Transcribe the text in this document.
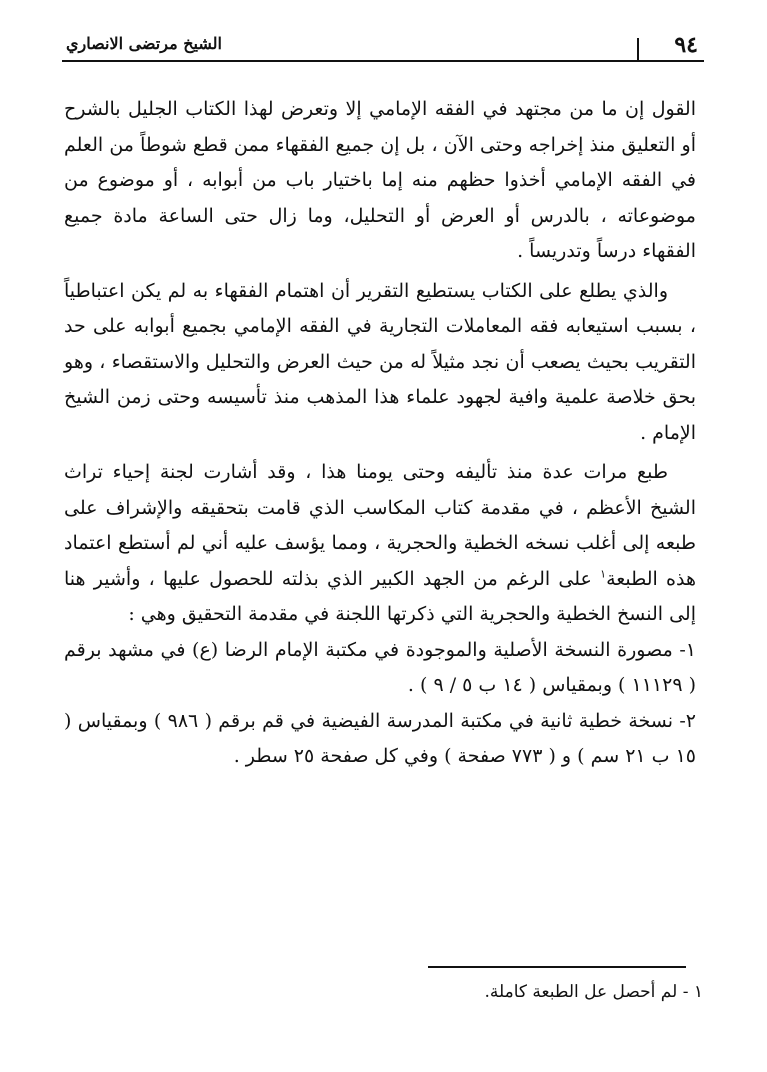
الشيخ مرتضى الانصاري	٩٤

القول إن ما من مجتهد في الفقه الإمامي إلا وتعرض لهذا الكتاب الجليل بالشرح أو التعليق منذ إخراجه وحتى الآن ، بل إن جميع الفقهاء ممن قطع شوطاً من العلم في الفقه الإمامي أخذوا حظهم منه إما باختيار باب من أبوابه ، أو موضوع من موضوعاته ، بالدرس أو العرض أو التحليل، وما زال حتى الساعة مادة جميع الفقهاء درساً وتدريساً .

والذي يطلع على الكتاب يستطيع التقرير أن اهتمام الفقهاء به لم يكن اعتباطياً ، بسبب استيعابه فقه المعاملات التجارية في الفقه الإمامي بجميع أبوابه على حد التقريب بحيث يصعب أن نجد مثيلاً له من حيث العرض والتحليل والاستقصاء ، وهو بحق خلاصة علمية وافية لجهود علماء هذا المذهب منذ تأسيسه وحتى زمن الشيخ الإمام .

طبع مرات عدة منذ تأليفه وحتى يومنا هذا ، وقد أشارت لجنة إحياء تراث الشيخ الأعظم ، في مقدمة كتاب المكاسب الذي قامت بتحقيقه والإشراف على طبعه إلى أغلب نسخه الخطية والحجرية ، ومما يؤسف عليه أني لم أستطع اعتماد هذه الطبعة$^١$ على الرغم من الجهد الكبير الذي بذلته للحصول عليها ، وأشير هنا إلى النسخ الخطية والحجرية التي ذكرتها اللجنة في مقدمة التحقيق وهي :

١- مصورة النسخة الأصلية والموجودة في مكتبة الإمام الرضا (ع) في مشهد برقم ( ١١١٢٩ ) وبمقياس ( ١٤ ب ٥ / ٩ ) .

٢- نسخة خطية ثانية في مكتبة المدرسة الفيضية في قم برقم ( ٩٨٦ ) وبمقياس ( ١٥ ب ٢١ سم ) و ( ٧٧٣ صفحة ) وفي كل صفحة ٢٥ سطر .

١ - لم أحصل عل الطبعة كاملة.
